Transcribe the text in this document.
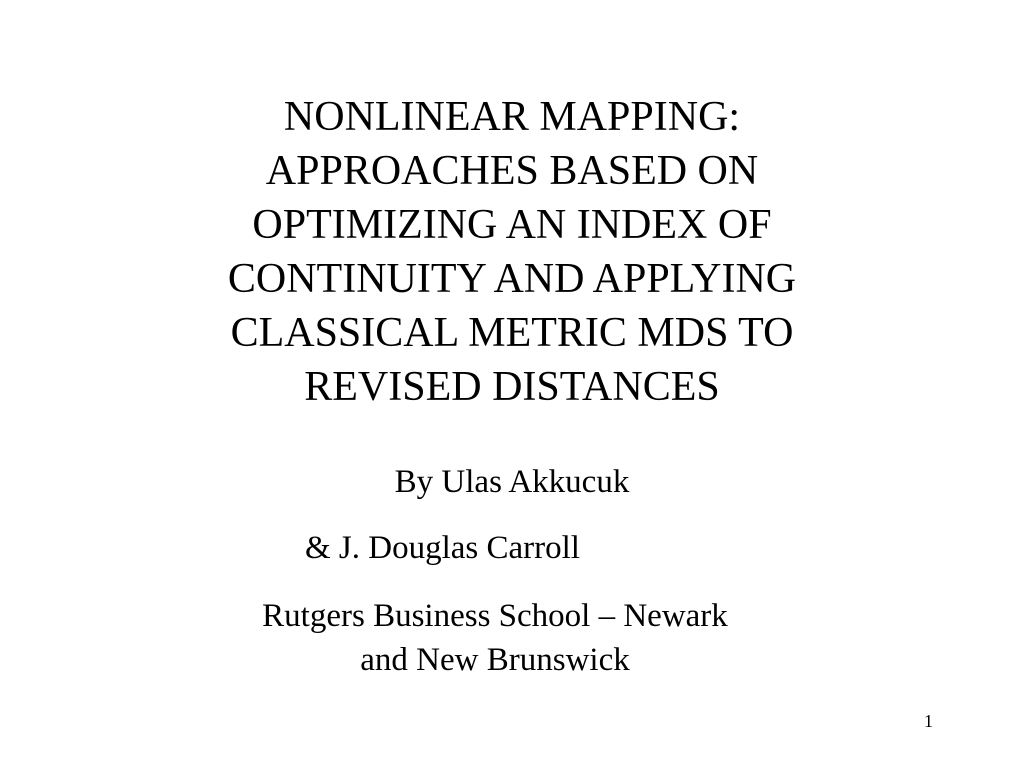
NONLINEAR MAPPING:
APPROACHES BASED ON
OPTIMIZING AN INDEX OF
CONTINUITY AND APPLYING
CLASSICAL METRIC MDS TO
REVISED DISTANCES
By Ulas Akkucuk
& J. Douglas Carroll
Rutgers Business School – Newark
and New Brunswick
1
